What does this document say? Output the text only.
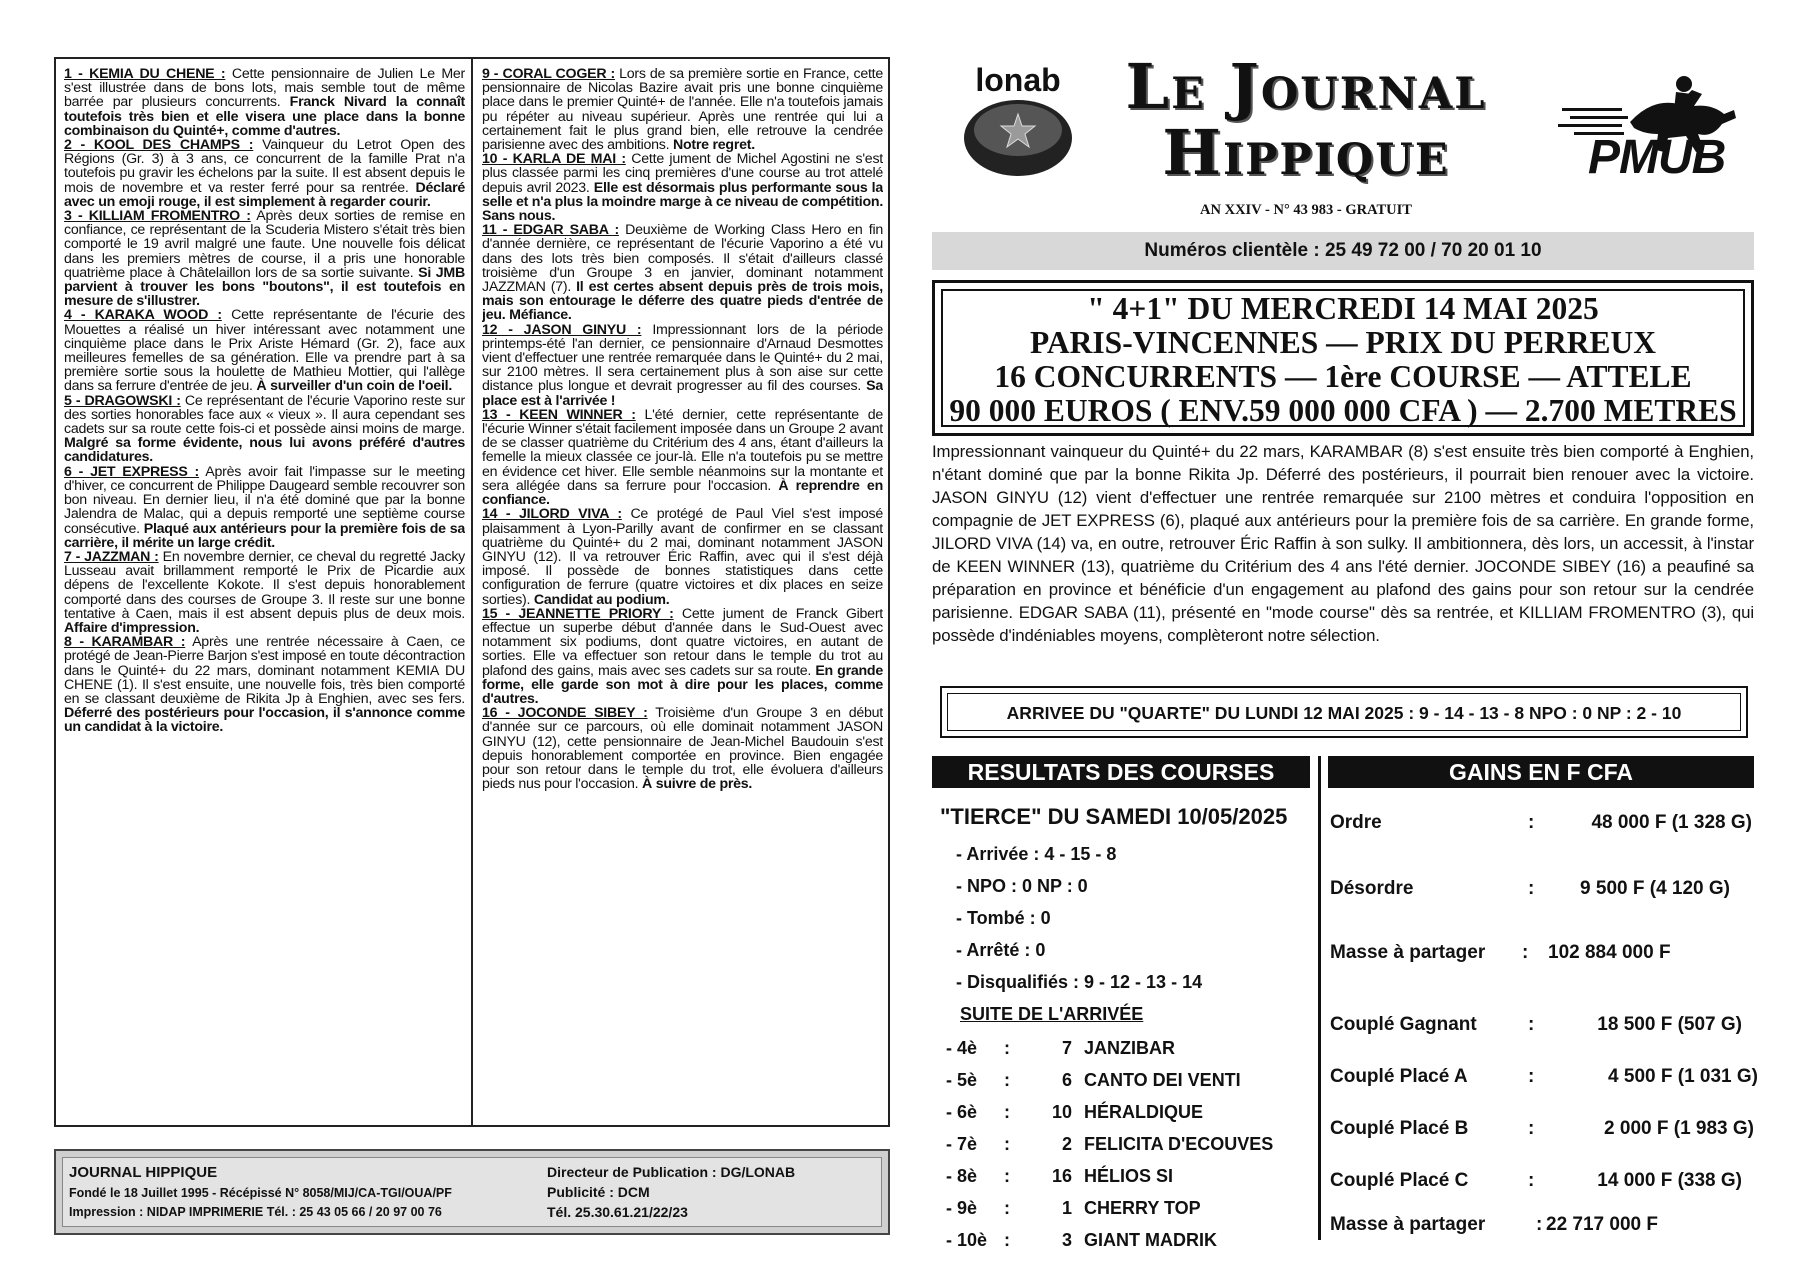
1 - KEMIA DU CHENE : Cette pensionnaire de Julien Le Mer s'est illustrée dans de bons lots, mais semble tout de même barrée par plusieurs concurrents. Franck Nivard la connaît toutefois très bien et elle visera une place dans la bonne combinaison du Quinté+, comme d'autres.

2 - KOOL DES CHAMPS : Vainqueur du Letrot Open des Régions (Gr. 3) à 3 ans, ce concurrent de la famille Prat n'a toutefois pu gravir les échelons par la suite. Il est absent depuis le mois de novembre et va rester ferré pour sa rentrée. Déclaré avec un emoji rouge, il est simplement à regarder courir.

3 - KILLIAM FROMENTRO : Après deux sorties de remise en confiance, ce représentant de la Scuderia Mistero s'était très bien comporté le 19 avril malgré une faute. Une nouvelle fois délicat dans les premiers mètres de course, il a pris une honorable quatrième place à Châtelaillon lors de sa sortie suivante. Si JMB parvient à trouver les bons "boutons", il est toutefois en mesure de s'illustrer.

4 - KARAKA WOOD : Cette représentante de l'écurie des Mouettes a réalisé un hiver intéressant avec notamment une cinquième place dans le Prix Ariste Hémard (Gr. 2), face aux meilleures femelles de sa génération. Elle va prendre part à sa première sortie sous la houlette de Mathieu Mottier, qui l'allège dans sa ferrure d'entrée de jeu. À surveiller d'un coin de l'oeil.

5 - DRAGOWSKI : Ce représentant de l'écurie Vaporino reste sur des sorties honorables face aux « vieux ». Il aura cependant ses cadets sur sa route cette fois-ci et possède ainsi moins de marge. Malgré sa forme évidente, nous lui avons préféré d'autres candidatures.

6 - JET EXPRESS : Après avoir fait l'impasse sur le meeting d'hiver, ce concurrent de Philippe Daugeard semble recouvrer son bon niveau. En dernier lieu, il n'a été dominé que par la bonne Jalendra de Malac, qui a depuis remporté une septième course consécutive. Plaqué aux antérieurs pour la première fois de sa carrière, il mérite un large crédit.

7 - JAZZMAN : En novembre dernier, ce cheval du regretté Jacky Lusseau avait brillamment remporté le Prix de Picardie aux dépens de l'excellente Kokote. Il s'est depuis honorablement comporté dans des courses de Groupe 3. Il reste sur une bonne tentative à Caen, mais il est absent depuis plus de deux mois. Affaire d'impression.

8 - KARAMBAR : Après une rentrée nécessaire à Caen, ce protégé de Jean-Pierre Barjon s'est imposé en toute décontraction dans le Quinté+ du 22 mars, dominant notamment KEMIA DU CHENE (1). Il s'est ensuite, une nouvelle fois, très bien comporté en se classant deuxième de Rikita Jp à Enghien, avec ses fers. Déferré des postérieurs pour l'occasion, il s'annonce comme un candidat à la victoire.

9 - CORAL COGER : Lors de sa première sortie en France, cette pensionnaire de Nicolas Bazire avait pris une bonne cinquième place dans le premier Quinté+ de l'année. Elle n'a toutefois jamais pu répéter au niveau supérieur. Après une rentrée qui lui a certainement fait le plus grand bien, elle retrouve la cendrée parisienne avec des ambitions. Notre regret.

10 - KARLA DE MAI : Cette jument de Michel Agostini ne s'est plus classée parmi les cinq premières d'une course au trot attelé depuis avril 2023. Elle est désormais plus performante sous la selle et n'a plus la moindre marge à ce niveau de compétition. Sans nous.

11 - EDGAR SABA : Deuxième de Working Class Hero en fin d'année dernière, ce représentant de l'écurie Vaporino a été vu dans des lots très bien composés. Il s'était d'ailleurs classé troisième d'un Groupe 3 en janvier, dominant notamment JAZZMAN (7). Il est certes absent depuis près de trois mois, mais son entourage le déferre des quatre pieds d'entrée de jeu. Méfiance.

12 - JASON GINYU : Impressionnant lors de la période printemps-été l'an dernier, ce pensionnaire d'Arnaud Desmottes vient d'effectuer une rentrée remarquée dans le Quinté+ du 2 mai, sur 2100 mètres. Il sera certainement plus à son aise sur cette distance plus longue et devrait progresser au fil des courses. Sa place est à l'arrivée !

13 - KEEN WINNER : L'été dernier, cette représentante de l'écurie Winner s'était facilement imposée dans un Groupe 2 avant de se classer quatrième du Critérium des 4 ans, étant d'ailleurs la femelle la mieux classée ce jour-là. Elle n'a toutefois pu se mettre en évidence cet hiver. Elle semble néanmoins sur la montante et sera allégée dans sa ferrure pour l'occasion. À reprendre en confiance.

14 - JILORD VIVA : Ce protégé de Paul Viel s'est imposé plaisamment à Lyon-Parilly avant de confirmer en se classant quatrième du Quinté+ du 2 mai, dominant notamment JASON GINYU (12). Il va retrouver Éric Raffin, avec qui il s'est déjà imposé. Il possède de bonnes statistiques dans cette configuration de ferrure (quatre victoires et dix places en seize sorties). Candidat au podium.

15 - JEANNETTE PRIORY : Cette jument de Franck Gibert effectue un superbe début d'année dans le Sud-Ouest avec notamment six podiums, dont quatre victoires, en autant de sorties. Elle va effectuer son retour dans le temple du trot au plafond des gains, mais avec ses cadets sur sa route. En grande forme, elle garde son mot à dire pour les places, comme d'autres.

16 - JOCONDE SIBEY : Troisième d'un Groupe 3 en début d'année sur ce parcours, où elle dominait notamment JASON GINYU (12), cette pensionnaire de Jean-Michel Baudouin s'est depuis honorablement comportée en province. Bien engagée pour son retour dans le temple du trot, elle évoluera d'ailleurs pieds nus pour l'occasion. À suivre de près.

JOURNAL HIPPIQUE
Fondé le 18 Juillet 1995 - Récépissé N° 8058/MIJ/CA-TGI/OUA/PF
Impression : NIDAP IMPRIMERIE Tél. : 25 43 05 66 / 20 97 00 76
Directeur de Publication : DG/LONAB
Publicité : DCM
Tél. 25.30.61.21/22/23
lonab	Le Journal
Hippique
AN XXIV - N° 43 983 - GRATUIT
PMUB
Numéros clientèle : 25 49 72 00 / 70 20 01 10
" 4+1" DU MERCREDI 14 MAI 2025
PARIS-VINCENNES — PRIX DU PERREUX
16 CONCURRENTS — 1ère COURSE — ATTELE
90 000 EUROS ( ENV.59 000 000 CFA ) — 2.700 METRES
Impressionnant vainqueur du Quinté+ du 22 mars, KARAMBAR (8) s'est ensuite très bien comporté à Enghien, n'étant dominé que par la bonne Rikita Jp. Déferré des postérieurs, il pourrait bien renouer avec la victoire. JASON GINYU (12) vient d'effectuer une rentrée remarquée sur 2100 mètres et conduira l'opposition en compagnie de JET EXPRESS (6), plaqué aux antérieurs pour la première fois de sa carrière. En grande forme, JILORD VIVA (14) va, en outre, retrouver Éric Raffin à son sulky. Il ambitionnera, dès lors, un accessit, à l'instar de KEEN WINNER (13), quatrième du Critérium des 4 ans l'été dernier. JOCONDE SIBEY (16) a peaufiné sa préparation en province et bénéficie d'un engagement au plafond des gains pour son retour sur la cendrée parisienne. EDGAR SABA (11), présenté en "mode course" dès sa rentrée, et KILLIAM FROMENTRO (3), qui possède d'indéniables moyens, complèteront notre sélection.
ARRIVEE DU "QUARTE" DU LUNDI 12 MAI 2025 : 9 - 14 - 13 - 8 NPO : 0 NP : 2 - 10
RESULTATS DES COURSES	GAINS EN F CFA
"TIERCE" DU SAMEDI 10/05/2025
- Arrivée : 4 - 15 - 8
- NPO : 0 NP : 0
- Tombé : 0
- Arrêté : 0
- Disqualifiés : 9 - 12 - 13 - 14
SUITE DE L'ARRIVÉE
- 4è	:	7 JANZIBAR
- 5è	:	6 CANTO DEI VENTI
- 6è	:	10 HÉRALDIQUE
- 7è	:	2 FELICITA D'ECOUVES
- 8è	:	16 HÉLIOS SI
- 9è	:	1 CHERRY TOP
- 10è :	3 GIANT MADRIK
Ordre	:	48 000 F (1 328 G)
Désordre	: 9 500 F (4 120 G)
Masse à partager : 102 884 000 F
Couplé Gagnant	:	18 500 F (507 G)
Couplé Placé A	:	4 500 F (1 031 G)
Couplé Placé B	:	2 000 F (1 983 G)
Couplé Placé C	:	14 000 F (338 G)
Masse à partager	: 22 717 000 F
